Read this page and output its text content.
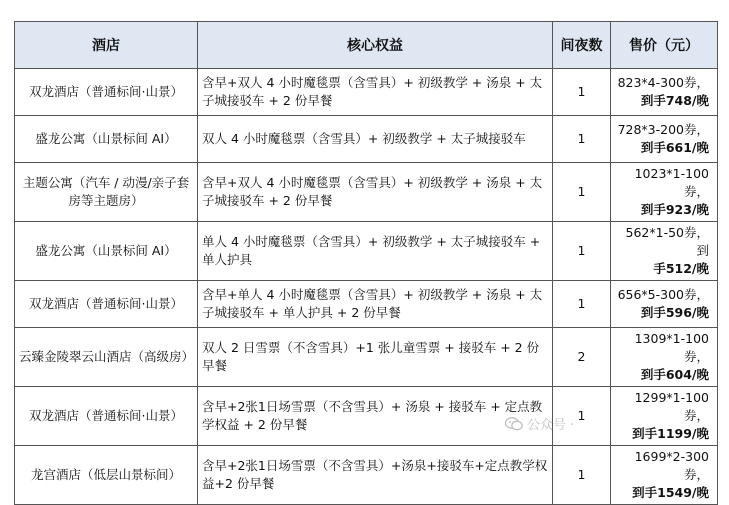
酒店	核心权益	间夜数	售价（元）
双龙酒店（普通标间·山景）	含早+双人 4 小时魔毯票（含雪具）+ 初级教学 + 汤泉 + 太子城接驳车 + 2 份早餐	1	823*4-300券，
到手748/晚

盛龙公寓（山景标间 AI）	双人 4 小时魔毯票（含雪具）+ 初级教学 + 太子城接驳车	1	728*3-200券，
到手661/晚

主题公寓（汽车 / 动漫/亲子套房等主题房）	含早+双人 4 小时魔毯票（含雪具）+ 初级教学 + 汤泉 + 太子城接驳车 + 2 份早餐	1	1023*1-100券，
到手923/晚

盛龙公寓（山景标间 AI）	单人 4 小时魔毯票（含雪具）+ 初级教学 + 太子城接驳车 + 单人护具	1	562*1-50券，到
手512/晚

双龙酒店（普通标间·山景）	含早+单人 4 小时魔毯票（含雪具）+ 初级教学 + 汤泉 + 太子城接驳车 + 单人护具 + 2 份早餐	1	656*5-300券，
到手596/晚

云臻金陵翠云山酒店（高级房）	双人 2 日雪票（不含雪具）+1 张儿童雪票 + 接驳车 + 2 份早餐	2	1309*1-100券，
到手604/晚

双龙酒店（普通标间·山景）	含早+2张1日场雪票（不含雪具）+ 汤泉 + 接驳车 + 定点教学权益 + 2 份早餐	1	1299*1-100券，
到手1199/晚

龙宫酒店（低层山景标间）	含早+2张1日场雪票（不含雪具）+汤泉+接驳车+定点教学权益+2 份早餐	1	1699*2-300券，
到手1549/晚
公众号 ·
